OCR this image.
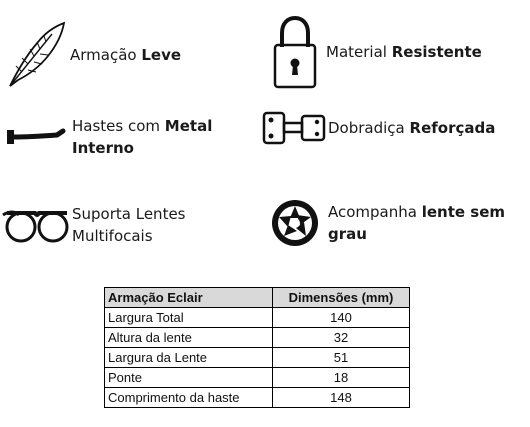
Armação Leve	Material Resistente
Hastes com Metal Interno
Dobradiça Reforçada
Suporta Lentes Multifocais
Acompanha lente sem grau
Armação Eclair	Dimensões (mm)
Largura Total	140
Altura da lente	32
Largura da Lente	51
Ponte	18
Comprimento da haste	148
